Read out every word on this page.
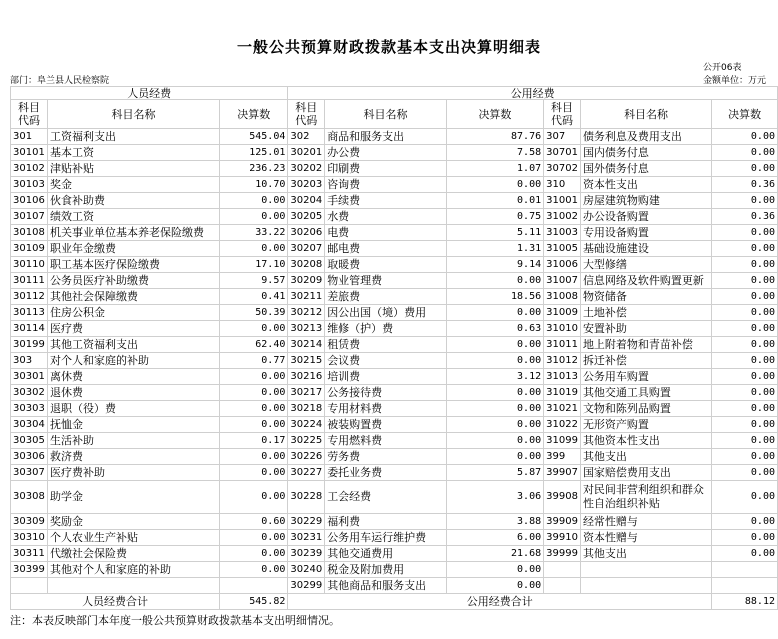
一般公共预算财政拨款基本支出决算明细表
公开06表
部门：阜兰县人民检察院	金额单位：万元
人员经费			公用经费					
科目代码	科目名称	决算数	科目代码	科目名称	决算数	科目代码	科目名称	决算数
301	工资福利支出	545.04	302	商品和服务支出	87.76	307	债务利息及费用支出	0.00
30101	基本工资	125.01	30201	办公费	7.58	30701	国内债务付息	0.00
30102	津贴补贴	236.23	30202	印刷费	1.07	30702	国外债务付息	0.00
30103	奖金	10.70	30203	咨询费	0.00	310	资本性支出	0.36
30106	伙食补助费	0.00	30204	手续费	0.01	31001	房屋建筑物购建	0.00
30107	绩效工资	0.00	30205	水费	0.75	31002	办公设备购置	0.36
30108	机关事业单位基本养老保险缴费	33.22	30206	电费	5.11	31003	专用设备购置	0.00
30109	职业年金缴费	0.00	30207	邮电费	1.31	31005	基础设施建设	0.00
30110	职工基本医疗保险缴费	17.10	30208	取暖费	9.14	31006	大型修缮	0.00
30111	公务员医疗补助缴费	9.57	30209	物业管理费	0.00	31007	信息网络及软件购置更新	0.00
30112	其他社会保障缴费	0.41	30211	差旅费	18.56	31008	物资储备	0.00
30113	住房公积金	50.39	30212	因公出国（境）费用	0.00	31009	土地补偿	0.00
30114	医疗费	0.00	30213	维修（护）费	0.63	31010	安置补助	0.00
30199	其他工资福利支出	62.40	30214	租赁费	0.00	31011	地上附着物和青苗补偿	0.00
303	对个人和家庭的补助	0.77	30215	会议费	0.00	31012	拆迁补偿	0.00
30301	离休费	0.00	30216	培训费	3.12	31013	公务用车购置	0.00
30302	退休费	0.00	30217	公务接待费	0.00	31019	其他交通工具购置	0.00
30303	退职（役）费	0.00	30218	专用材料费	0.00	31021	文物和陈列品购置	0.00
30304	抚恤金	0.00	30224	被装购置费	0.00	31022	无形资产购置	0.00
30305	生活补助	0.17	30225	专用燃料费	0.00	31099	其他资本性支出	0.00
30306	救济费	0.00	30226	劳务费	0.00	399	其他支出	0.00
30307	医疗费补助	0.00	30227	委托业务费	5.87	39907	国家赔偿费用支出	0.00
30308	助学金	0.00	30228	工会经费	3.06	39908	对民间非营利组织和群众性自治组织补贴	0.00
30309	奖励金	0.60	30229	福利费	3.88	39909	经常性赠与	0.00
30310	个人农业生产补贴	0.00	30231	公务用车运行维护费	6.00	39910	资本性赠与	0.00
30311	代缴社会保险费	0.00	30239	其他交通费用	21.68	39999	其他支出	0.00
30399	其他对个人和家庭的补助	0.00	30240	税金及附加费用	0.00			
			30299	其他商品和服务支出	0.00			
人员经费合计		545.82	公用经费合计					88.12
注：本表反映部门本年度一般公共预算财政拨款基本支出明细情况。
